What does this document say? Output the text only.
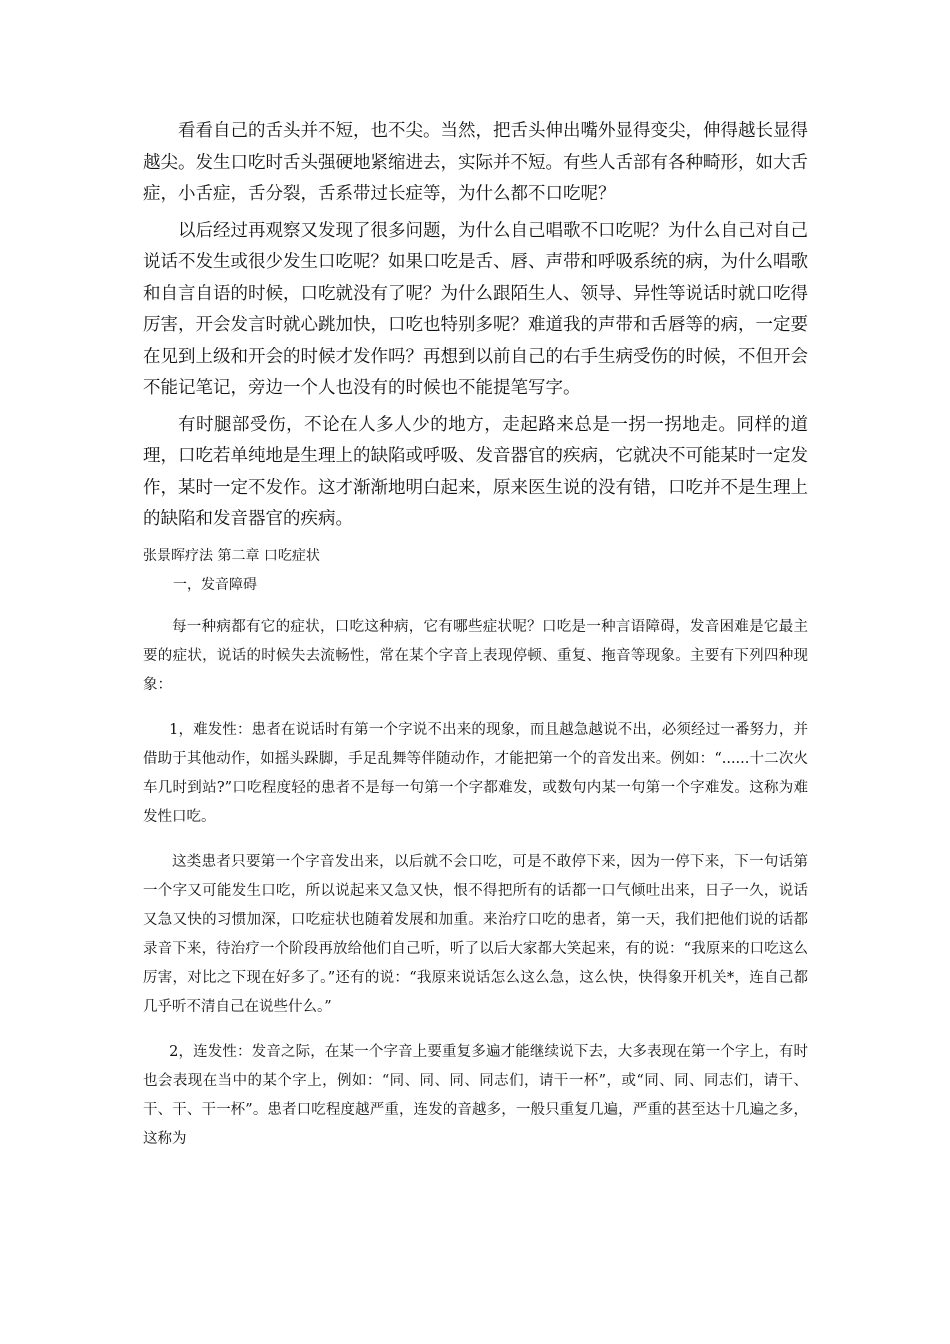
看看自己的舌头并不短，也不尖。当然，把舌头伸出嘴外显得变尖，伸得越长显得越尖。发生口吃时舌头强硬地紧缩进去，实际并不短。有些人舌部有各种畸形，如大舌症，小舌症，舌分裂，舌系带过长症等，为什么都不口吃呢？

以后经过再观察又发现了很多问题，为什么自己唱歌不口吃呢？为什么自己对自己说话不发生或很少发生口吃呢？如果口吃是舌、唇、声带和呼吸系统的病，为什么唱歌和自言自语的时候，口吃就没有了呢？为什么跟陌生人、领导、异性等说话时就口吃得厉害，开会发言时就心跳加快，口吃也特别多呢？难道我的声带和舌唇等的病，一定要在见到上级和开会的时候才发作吗？再想到以前自己的右手生病受伤的时候，不但开会不能记笔记，旁边一个人也没有的时候也不能提笔写字。

有时腿部受伤，不论在人多人少的地方，走起路来总是一拐一拐地走。同样的道理，口吃若单纯地是生理上的缺陷或呼吸、发音器官的疾病，它就决不可能某时一定发作，某时一定不发作。这才渐渐地明白起来，原来医生说的没有错，口吃并不是生理上的缺陷和发音器官的疾病。

张景晖疗法 第二章 口吃症状
一，发音障碍

每一种病都有它的症状，口吃这种病，它有哪些症状呢？口吃是一种言语障碍，发音困难是它最主要的症状，说话的时候失去流畅性，常在某个字音上表现停顿、重复、拖音等现象。主要有下列四种现象：

1，难发性：患者在说话时有第一个字说不出来的现象，而且越急越说不出，必须经过一番努力，并借助于其他动作，如摇头跺脚，手足乱舞等伴随动作，才能把第一个的音发出来。例如：“......十二次火车几时到站?”口吃程度轻的患者不是每一句第一个字都难发，或数句内某一句第一个字难发。这称为难发性口吃。

这类患者只要第一个字音发出来，以后就不会口吃，可是不敢停下来，因为一停下来，下一句话第一个字又可能发生口吃，所以说起来又急又快，恨不得把所有的话都一口气倾吐出来，日子一久，说话又急又快的习惯加深，口吃症状也随着发展和加重。来治疗口吃的患者，第一天，我们把他们说的话都录音下来，待治疗一个阶段再放给他们自己听，听了以后大家都大笑起来，有的说：“我原来的口吃这么厉害，对比之下现在好多了。”还有的说：“我原来说话怎么这么急，这么快，快得象开机关*，连自己都几乎听不清自己在说些什么。”

2，连发性：发音之际，在某一个字音上要重复多遍才能继续说下去，大多表现在第一个字上，有时也会表现在当中的某个字上，例如：“同、同、同、同志们，请干一杯”，或“同、同、同志们，请干、干、干、干一杯”。患者口吃程度越严重，连发的音越多，一般只重复几遍，严重的甚至达十几遍之多，这称为
